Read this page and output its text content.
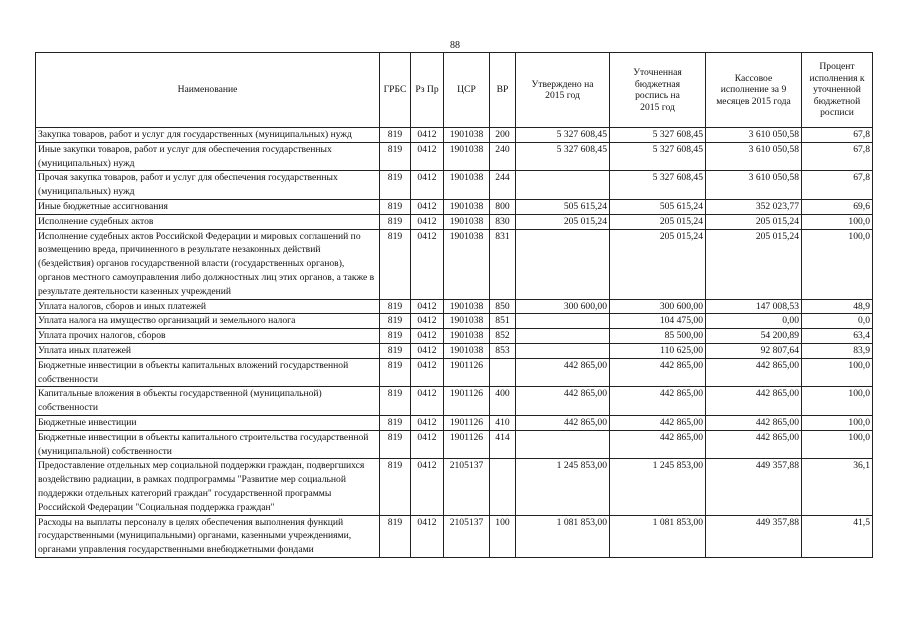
88
Наименование	ГРБС	Рз Пр	ЦСР	ВР	Утверждено на 2015 год	Уточненная бюджетная роспись на 2015 год	Кассовое исполнение за 9 месяцев 2015 года	Процент исполнения к уточненной бюджетной росписи
Закупка товаров, работ и услуг для государственных (муниципальных) нужд	819	0412	1901038	200	5 327 608,45	5 327 608,45	3 610 050,58	67,8
Иные закупки товаров, работ и услуг для обеспечения государственных (муниципальных) нужд	819	0412	1901038	240	5 327 608,45	5 327 608,45	3 610 050,58	67,8
Прочая закупка товаров, работ и услуг для обеспечения государственных (муниципальных) нужд	819	0412	1901038	244		5 327 608,45	3 610 050,58	67,8
Иные бюджетные ассигнования	819	0412	1901038	800	505 615,24	505 615,24	352 023,77	69,6
Исполнение судебных актов	819	0412	1901038	830	205 015,24	205 015,24	205 015,24	100,0
Исполнение судебных актов Российской Федерации и мировых соглашений по возмещению вреда, причиненного в результате незаконных действий (бездействия) органов государственной власти (государственных органов), органов местного самоуправления либо должностных лиц этих органов, а также в результате деятельности казенных учреждений	819	0412	1901038	831		205 015,24	205 015,24	100,0
Уплата налогов, сборов и иных платежей	819	0412	1901038	850	300 600,00	300 600,00	147 008,53	48,9
Уплата налога на имущество организаций и земельного налога	819	0412	1901038	851		104 475,00	0,00	0,0
Уплата прочих налогов, сборов	819	0412	1901038	852		85 500,00	54 200,89	63,4
Уплата иных платежей	819	0412	1901038	853		110 625,00	92 807,64	83,9
Бюджетные инвестиции в объекты капитальных вложений государственной собственности	819	0412	1901126		442 865,00	442 865,00	442 865,00	100,0
Капитальные вложения в объекты государственной (муниципальной) собственности	819	0412	1901126	400	442 865,00	442 865,00	442 865,00	100,0
Бюджетные инвестиции	819	0412	1901126	410	442 865,00	442 865,00	442 865,00	100,0
Бюджетные инвестиции в объекты капитального строительства государственной (муниципальной) собственности	819	0412	1901126	414		442 865,00	442 865,00	100,0
Предоставление отдельных мер социальной поддержки граждан, подвергшихся воздействию радиации, в рамках подпрограммы "Развитие мер социальной поддержки отдельных категорий граждан" государственной программы Российской Федерации "Социальная поддержка граждан"	819	0412	2105137		1 245 853,00	1 245 853,00	449 357,88	36,1
Расходы на выплаты персоналу в целях обеспечения выполнения функций государственными (муниципальными) органами, казенными учреждениями, органами управления государственными внебюджетными фондами	819	0412	2105137	100	1 081 853,00	1 081 853,00	449 357,88	41,5
